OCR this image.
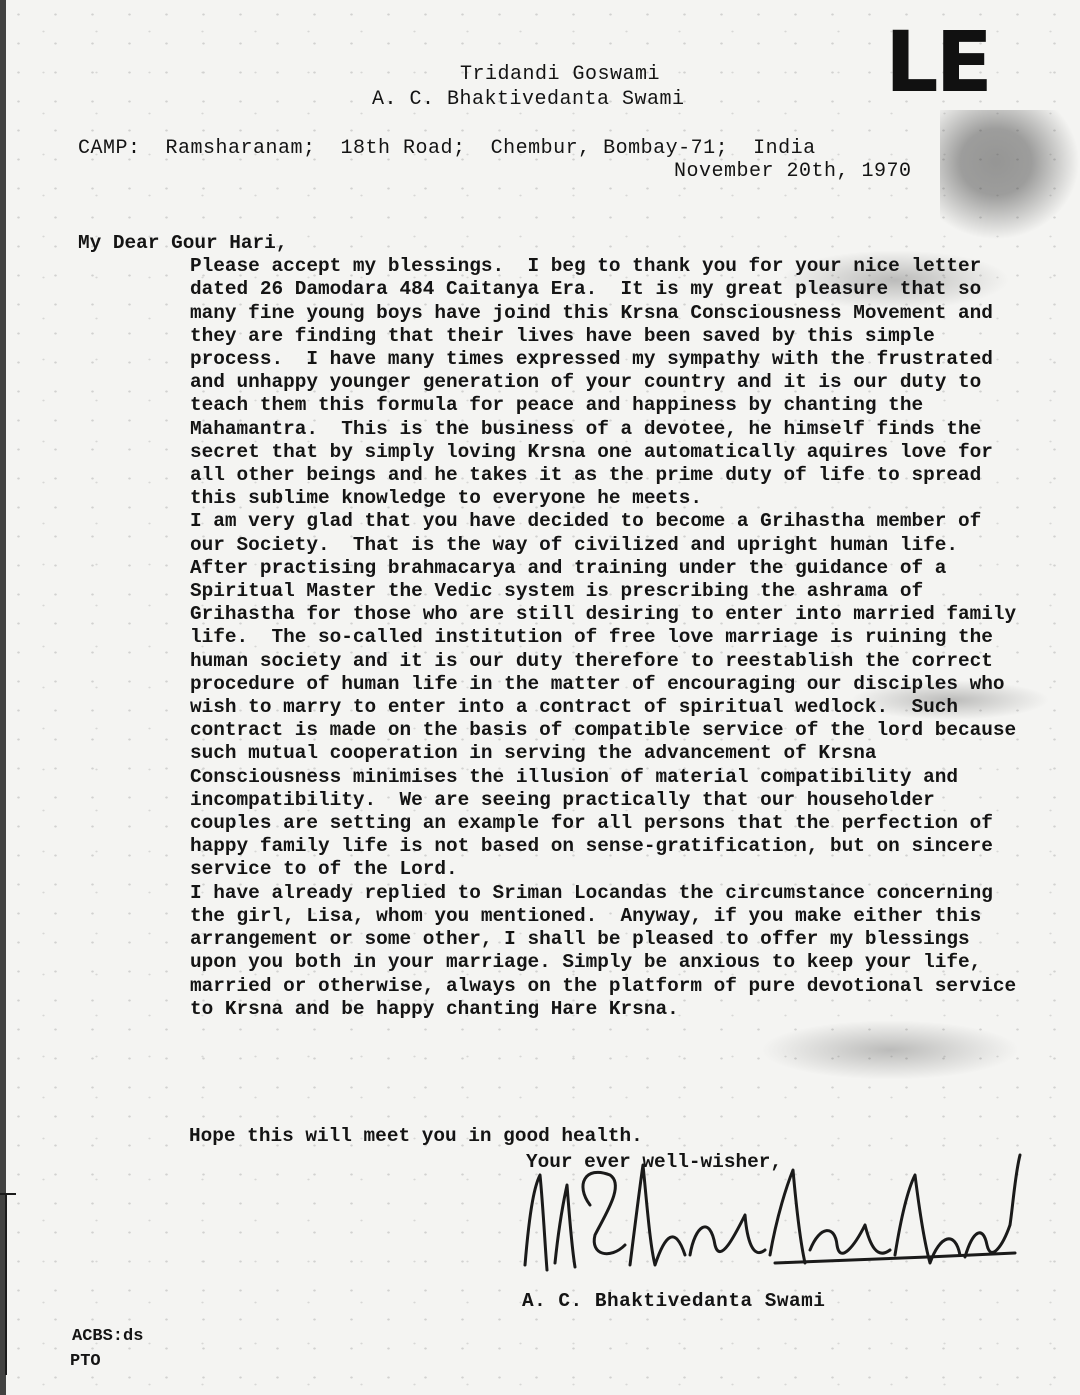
LE
Tridandi Goswami
A. C. Bhaktivedanta Swami
CAMP:  Ramsharanam;  18th Road;  Chembur, Bombay-71;  India
November 20th, 1970

My Dear Gour Hari,

Please accept my blessings.  I beg to thank you for your nice letter dated 26 Damodara 484 Caitanya Era.  It is my great pleasure that so many fine young boys have joind this Krsna Consciousness Movement and they are finding that their lives have been saved by this simple process.  I have many times expressed my sympathy with the frustrated and unhappy younger generation of your country and it is our duty to teach them this formula for peace and happiness by chanting the Mahamantra.  This is the business of a devotee, he himself finds the secret that by simply loving Krsna one automatically aquires love for all other beings and he takes it as the prime duty of life to spread this sublime knowledge to everyone he meets.

I am very glad that you have decided to become a Grihastha member of our Society.  That is the way of civilized and upright human life.  After practising brahmacarya and training under the guidance of a Spiritual Master the Vedic system is prescribing the ashrama of Grihastha for those who are still desiring to enter into married family life.  The so-called institution of free love marriage is ruining the human society and it is our duty therefore to reestablish the correct procedure of human life in the matter of encouraging our disciples who wish to marry to enter into a contract of spiritual wedlock.  Such contract is made on the basis of compatible service of the lord because such mutual cooperation in serving the advancement of Krsna Consciousness minimises the illusion of material compatibility and incompatibility.  We are seeing practically that our householder couples are setting an example for all persons that the perfection of happy family life is not based on sense-gratification, but on sincere service to of the Lord.

I have already replied to Sriman Locandas the circumstance concerning the girl, Lisa, whom you mentioned.  Anyway, if you make either this arrangement or some other, I shall be pleased to offer my blessings upon you both in your marriage. Simply be anxious to keep your life, married or otherwise, always on the platform of pure devotional service to Krsna and be happy chanting Hare Krsna.

Hope this will meet you in good health.
Your ever well-wisher,
A. C. Bhaktivedanta Swami
ACBS:ds
PTO
